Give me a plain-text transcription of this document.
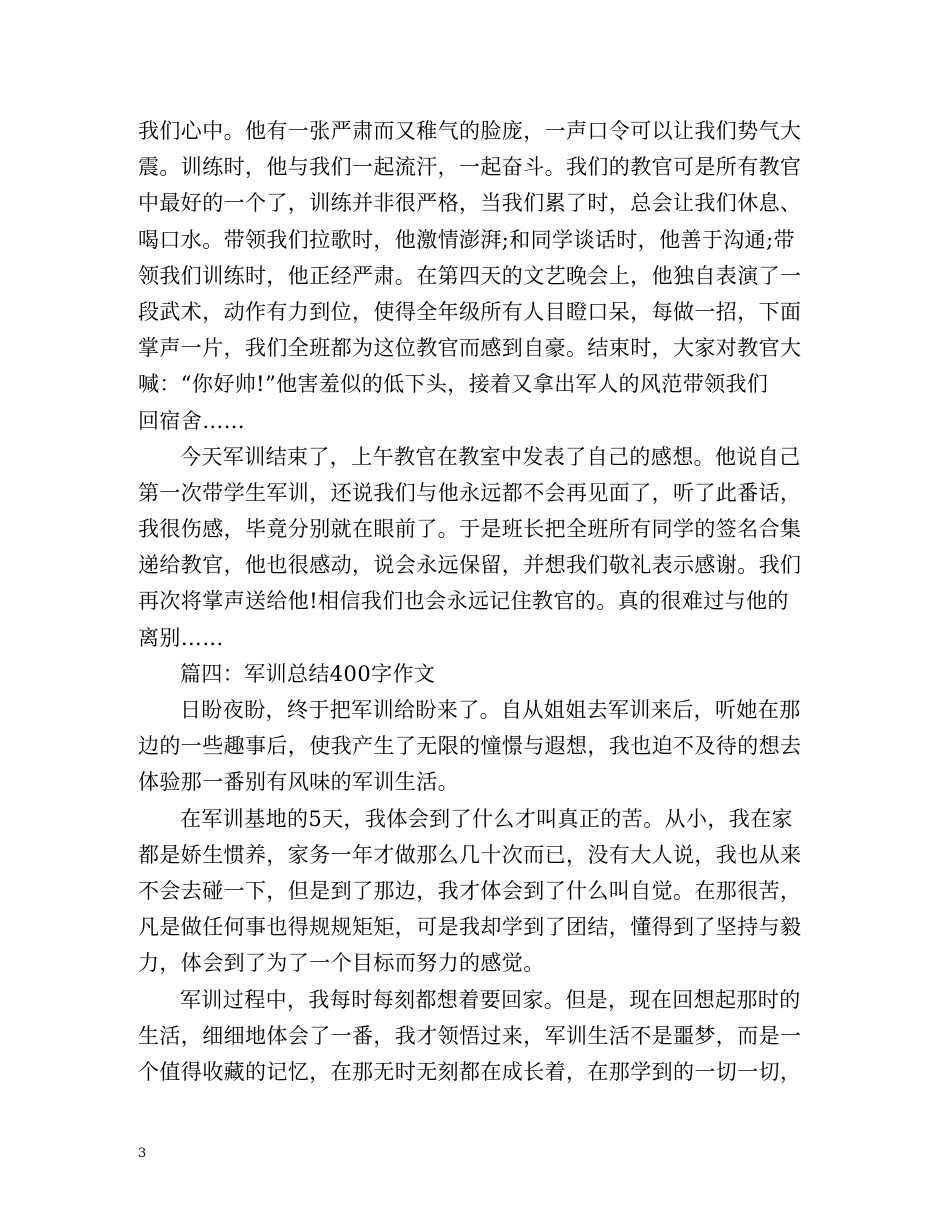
我们心中。他有一张严肃而又稚气的脸庞，一声口令可以让我们势气大
震。训练时，他与我们一起流汗，一起奋斗。我们的教官可是所有教官
中最好的一个了，训练并非很严格，当我们累了时，总会让我们休息、
喝口水。带领我们拉歌时，他激情澎湃;和同学谈话时，他善于沟通;带
领我们训练时，他正经严肃。在第四天的文艺晚会上，他独自表演了一
段武术，动作有力到位，使得全年级所有人目瞪口呆，每做一招，下面
掌声一片，我们全班都为这位教官而感到自豪。结束时，大家对教官大
喊：“你好帅!”他害羞似的低下头，接着又拿出军人的风范带领我们
回宿舍……

今天军训结束了，上午教官在教室中发表了自己的感想。他说自己
第一次带学生军训，还说我们与他永远都不会再见面了，听了此番话，
我很伤感，毕竟分别就在眼前了。于是班长把全班所有同学的签名合集
递给教官，他也很感动，说会永远保留，并想我们敬礼表示感谢。我们
再次将掌声送给他!相信我们也会永远记住教官的。真的很难过与他的
离别……

篇四：军训总结400字作文

日盼夜盼，终于把军训给盼来了。自从姐姐去军训来后，听她在那
边的一些趣事后，使我产生了无限的憧憬与遐想，我也迫不及待的想去
体验那一番别有风味的军训生活。

在军训基地的5天，我体会到了什么才叫真正的苦。从小，我在家
都是娇生惯养，家务一年才做那么几十次而已，没有大人说，我也从来
不会去碰一下，但是到了那边，我才体会到了什么叫自觉。在那很苦，
凡是做任何事也得规规矩矩，可是我却学到了团结，懂得到了坚持与毅
力，体会到了为了一个目标而努力的感觉。

军训过程中，我每时每刻都想着要回家。但是，现在回想起那时的
生活，细细地体会了一番，我才领悟过来，军训生活不是噩梦，而是一
个值得收藏的记忆，在那无时无刻都在成长着，在那学到的一切一切，

3
